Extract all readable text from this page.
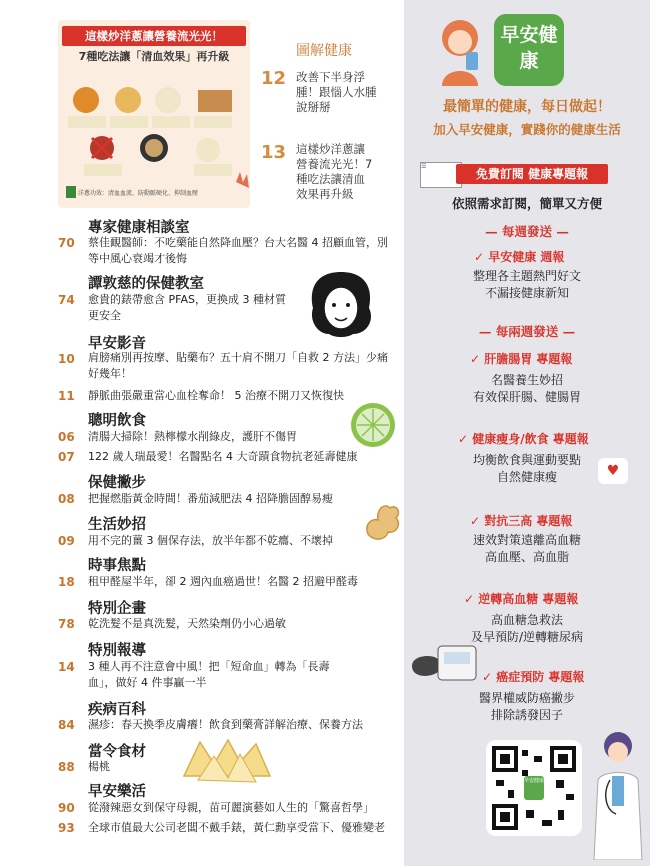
這樣炒洋蔥讓營養流光光！
7種吃法讓「清血效果」再升級
洋蔥功效：清血血流、防動脈硬化、抑制血壓
圖解健康
12 改善下半身浮腫！跟惱人水腫說掰掰
13 這樣炒洋蔥讓營養流光光！7種吃法讓清血效果再升級
專家健康相談室
70 蔡佳靦醫師：不吃藥能自然降血壓？台大名醫 4 招顧血管，別等中風心衰竭才後悔
譚敦慈的保健教室
74 愈貴的錶帶愈含 PFAS，更換成 3 種材質更安全
早安影音
10 肩膀痛別再按摩、貼藥布？五十肩不開刀「自救 2 方法」少痛好幾年！
11 靜脈曲張嚴重當心血栓奪命！ 5 治療不開刀又恢復快
聰明飲食
06 清腸大掃除！熱檸檬水削綠皮，護肝不傷胃
07 122 歲人瑞最愛！名醫點名 4 大奇蹟食物抗老延壽健康
保健撇步
08 把握燃脂黃金時間！番茄減肥法 4 招降膽固醇易瘦
生活妙招
09 用不完的薑 3 個保存法，放半年都不乾癟、不壞掉
時事焦點
18 租甲醛屋半年，卻 2 週內血癌過世！名醫 2 招避甲醛毒
特別企畫
78 乾洗髮不是真洗髮，天然染劑仍小心過敏
特別報導
14 3 種人再不注意會中風！把「短命血」轉為「長壽血」，做好 4 件事贏一半
疾病百科
84 濕疹：春天換季皮膚癢！飲食到藥膏詳解治療、保養方法
當令食材
88 楊桃
早安樂活
90 從潑辣惡女到保守母親，苗可麗演藝如人生的「驚喜哲學」
93 全球市值最大公司老闆不戴手錶，黃仁勳享受當下、優雅變老
早安健康
最簡單的健康，每日做起！
加入早安健康，實踐你的健康生活
☰
免費訂閱 健康專題報
依照需求訂閱，簡單又方便
— 每週發送 —
✓ 早安健康 週報
整理各主題熱門好文
不漏接健康新知
— 每兩週發送 —
✓ 肝膽腸胃 專題報
名醫養生妙招
有效保肝腸、健腸胃
✓ 健康瘦身/飲食 專題報
均衡飲食與運動要點
自然健康瘦	♥
✓ 對抗三高 專題報
速效對策遠離高血糖
高血壓、高血脂
✓ 逆轉高血糖 專題報
高血糖急救法
及早預防/逆轉糖尿病
✓ 癌症預防 專題報
醫界權威防癌撇步
排除誘發因子
早安健康
